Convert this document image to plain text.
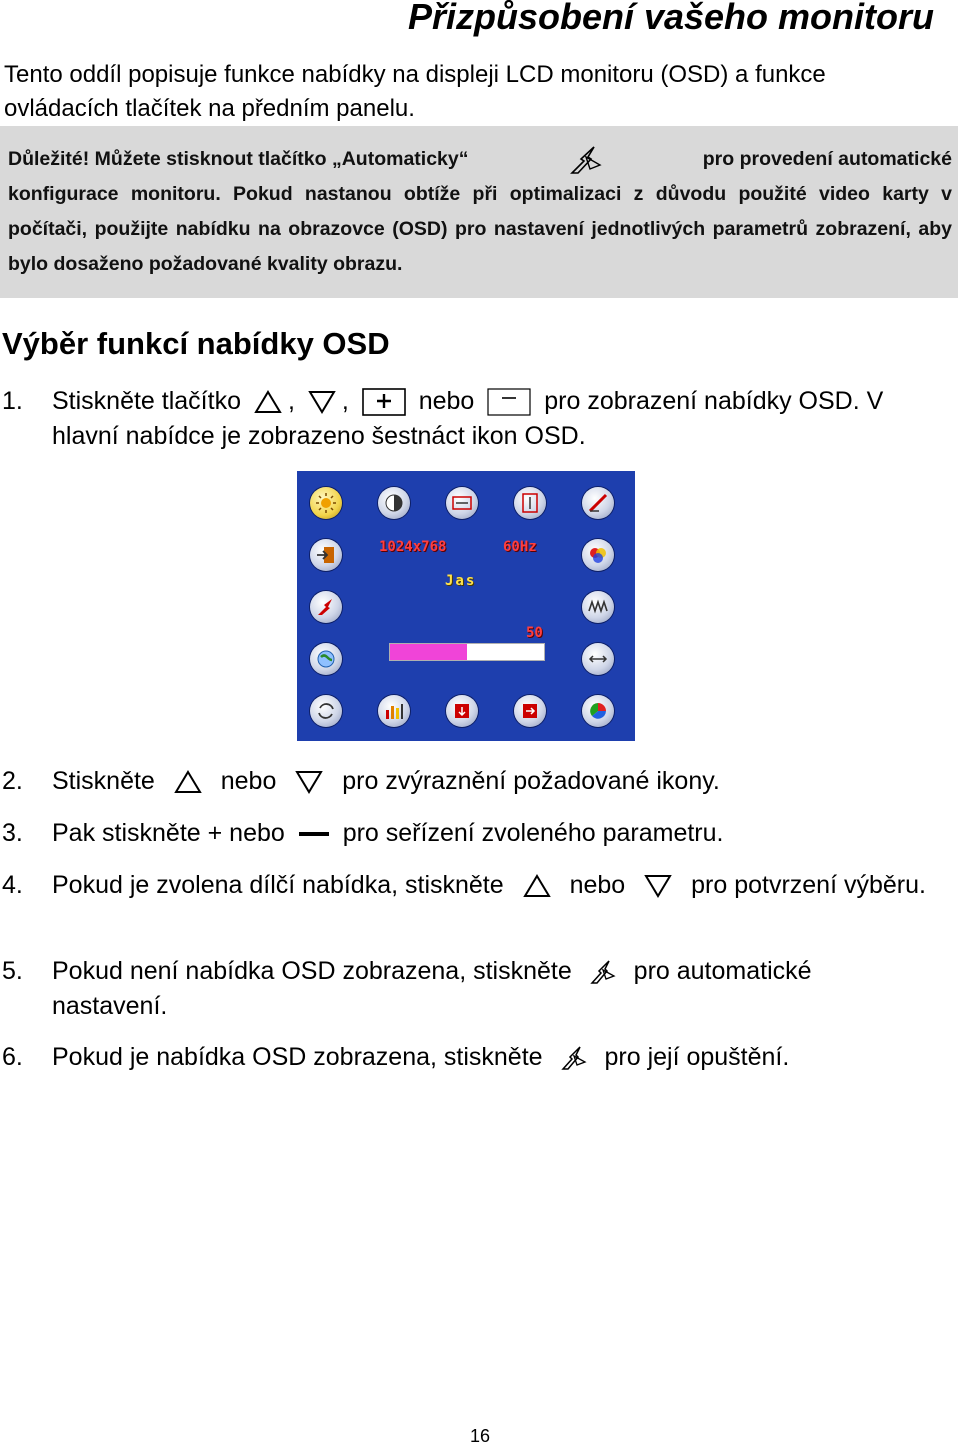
Přizpůsobení vašeho monitoru
Tento oddíl popisuje funkce nabídky na displeji LCD monitoru (OSD) a funkce ovládacích tlačítek na předním panelu.
Důležité! Můžete stisknout tlačítko „Automaticky“	pro provedení automatické
konfigurace monitoru. Pokud nastanou obtíže při optimalizaci z důvodu použité video karty v počítači, použijte nabídku na obrazovce (OSD) pro nastavení jednotlivých parametrů zobrazení, aby bylo dosaženo požadované kvality obrazu.
Výběr funkcí nabídky OSD
1. Stiskněte tlačítko , ,	nebo	pro zobrazení nabídky OSD. V hlavní nabídce je zobrazeno šestnáct ikon OSD.
1024x768	60Hz
Jas
50
2. Stiskněte	nebo	pro zvýraznění požadované ikony.
3. Pak stiskněte + nebo pro seřízení zvoleného parametru.
4. Pokud je zvolena dílčí nabídka, stiskněte	nebo	pro potvrzení výběru.
5. Pokud není nabídka OSD zobrazena, stiskněte pro automatické nastavení.
6. Pokud je nabídka OSD zobrazena, stiskněte pro její opuštění.
16
